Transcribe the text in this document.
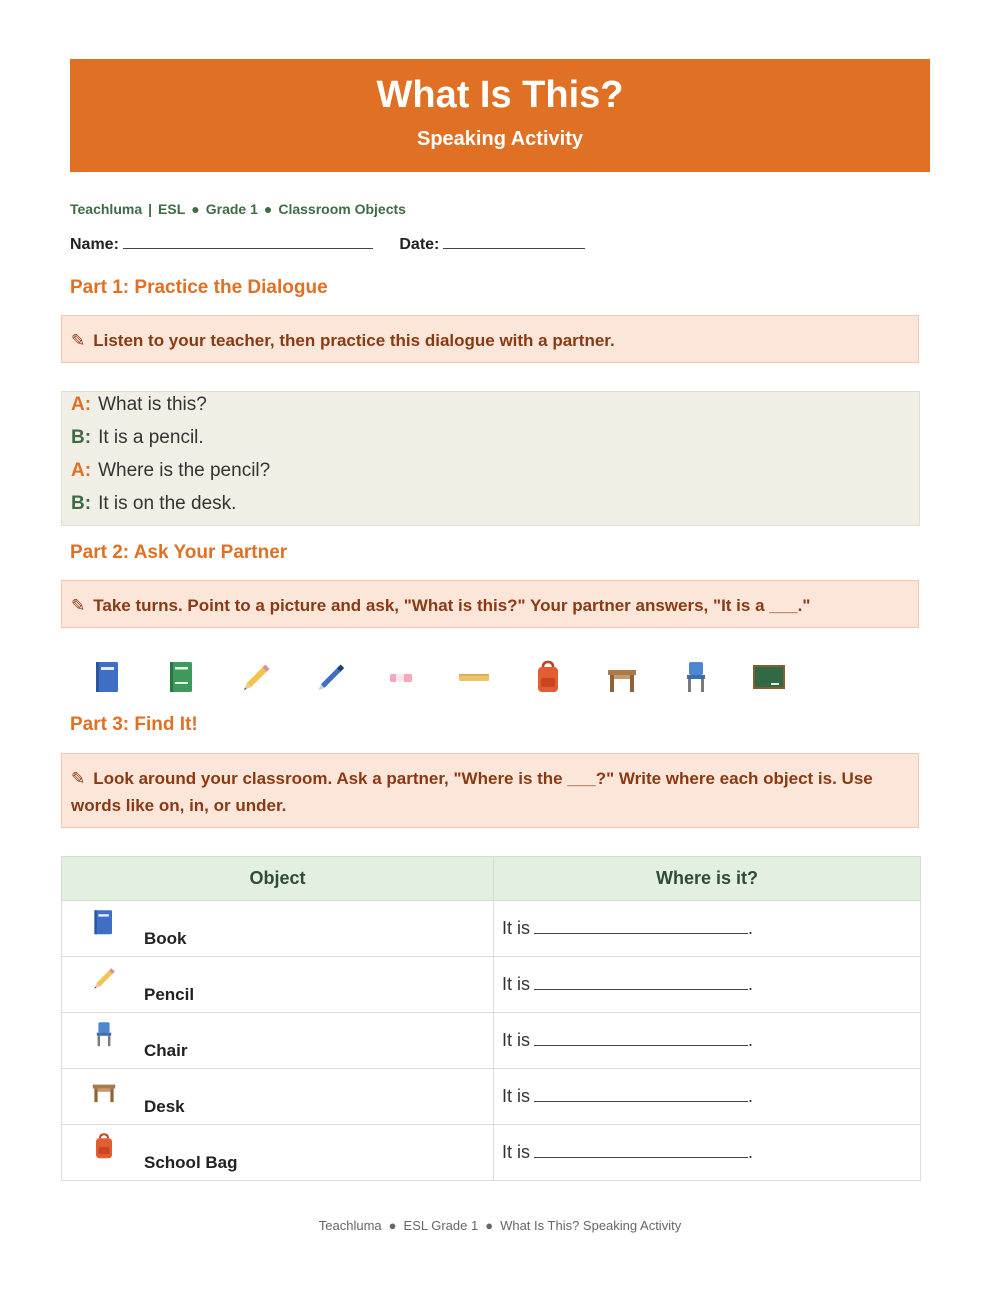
What Is This?
Speaking Activity
Teachluma | ESL ● Grade 1 ● Classroom Objects
Name:	Date:
Part 1: Practice the Dialogue
✎ Listen to your teacher, then practice this dialogue with a partner.
A: What is this?
B: It is a pencil.
A: Where is the pencil?
B: It is on the desk.
Part 2: Ask Your Partner
✎ Take turns. Point to a picture and ask, "What is this?" Your partner answers, "It is a ___."
Part 3: Find It!
✎ Look around your classroom. Ask a partner, "Where is the ___?" Write where each object is. Use words like on, in, or under.
Object	Where is it?

Book	It is .

Pencil	It is .

Chair	It is .

Desk	It is .

School Bag	It is .
Teachluma ● ESL Grade 1 ● What Is This? Speaking Activity
